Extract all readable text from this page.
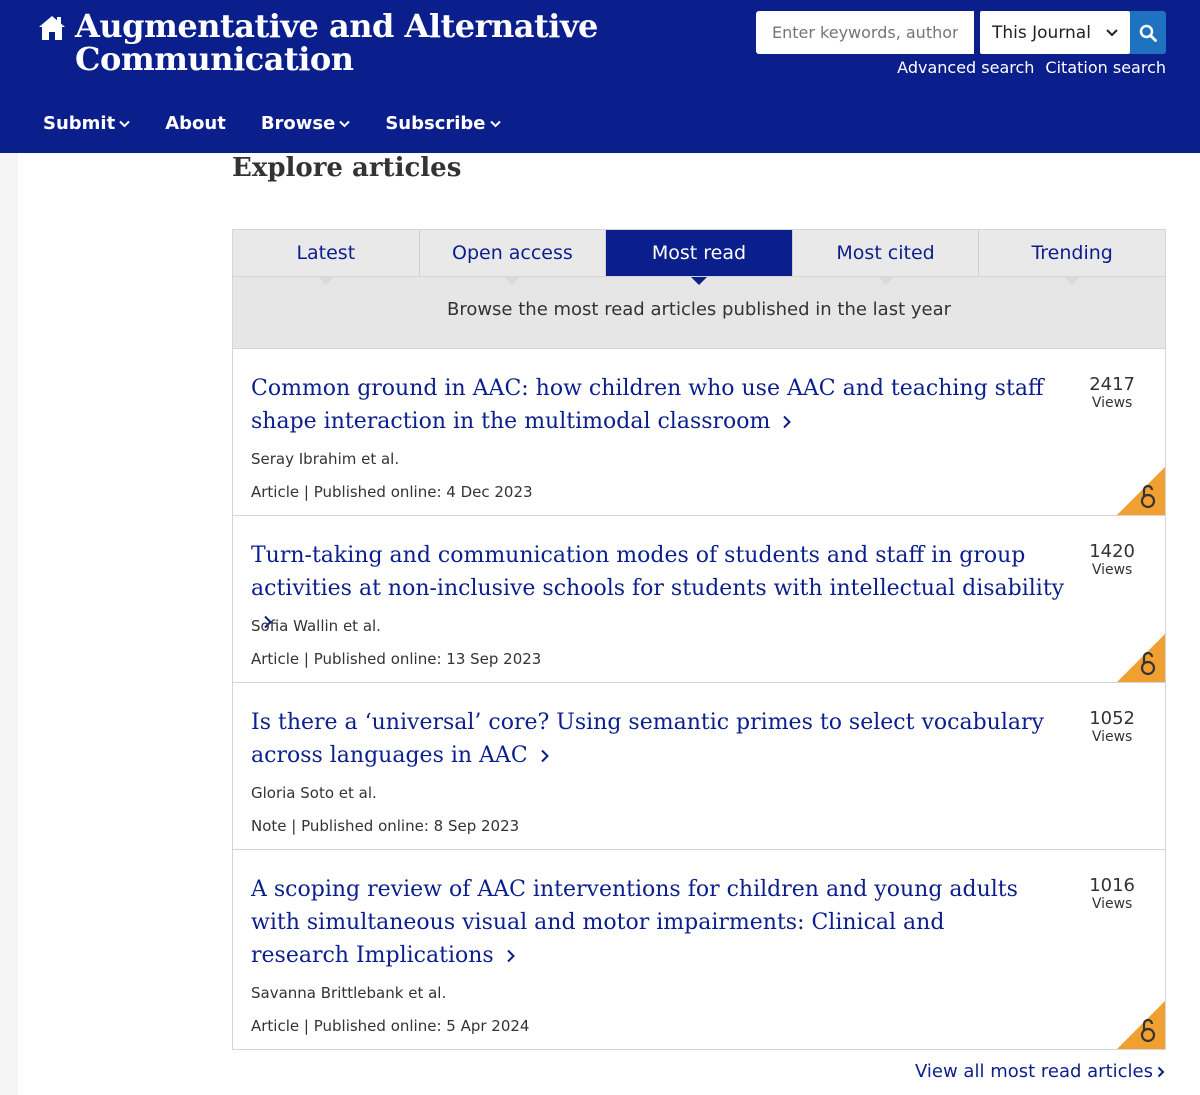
Augmentative and Alternative
Communication
Enter keywords, authors, DOI, ORCID etc
This Journal
Advanced search Citation search
Submit	About Browse	Subscribe
Explore articles
Latest	Open access	Most read	Most cited	Trending
Browse the most read articles published in the last year
Common ground in AAC: how children who use AAC and teaching staff shape interaction in the multimodal classroom
Seray Ibrahim et al.
Article | Published online: 4 Dec 2023
2417
Views
Turn-taking and communication modes of students and staff in group activities at non-inclusive schools for students with intellectual disability
Sofia Wallin et al.
Article | Published online: 13 Sep 2023
1420
Views
Is there a ‘universal’ core? Using semantic primes to select vocabulary across languages in AAC
Gloria Soto et al.
Note | Published online: 8 Sep 2023
1052
Views
A scoping review of AAC interventions for children and young adults with simultaneous visual and motor impairments: Clinical and research Implications
Savanna Brittlebank et al.
Article | Published online: 5 Apr 2024
1016
Views
View all most read articles
